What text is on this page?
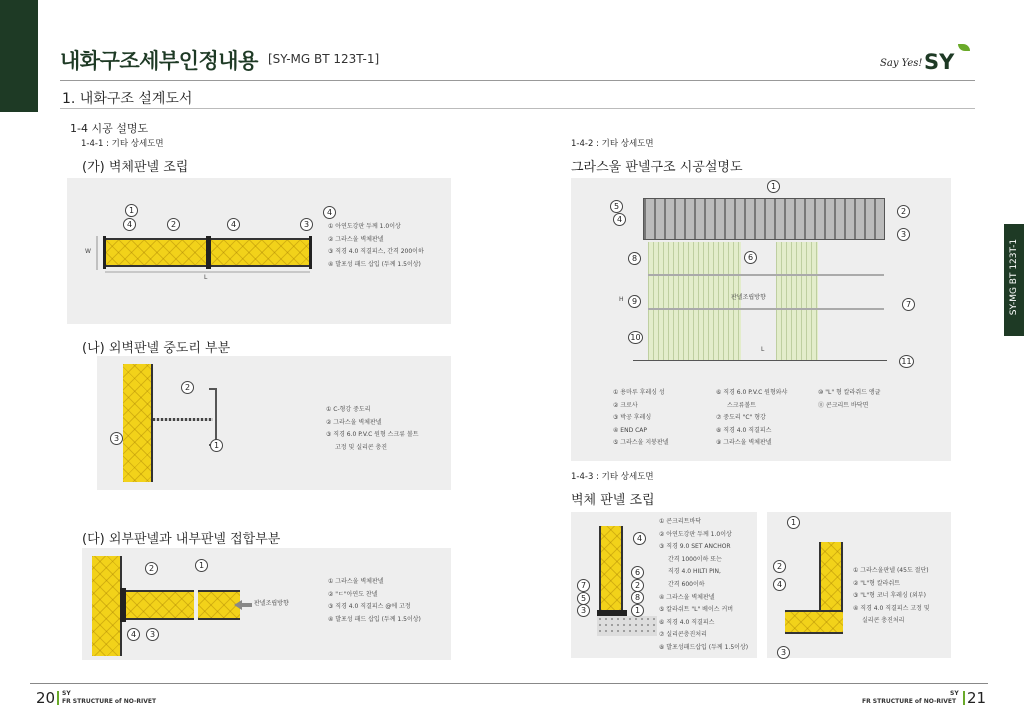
내화구조세부인정내용 [SY-MG BT 123T-1]	Say Yes! SY
1. 내화구조 설계도서
1-4 시공 설명도
1-4-1 : 기타 상세도면
(가) 벽체판넬 조립
W
L
1
4	2	4	3
4
① 아연도강판 두께 1.0이상
② 그라스울 벽체판넬
③ 직경 4.0 직결피스, 간격 200이하
④ 발포성 패드 삽입 (두께 1.5이상)
(나) 외벽판넬 중도리 부분
2
3
1
① C-형강 중도리
② 그라스울 벽체판넬
③ 직경 6.0 P.V.C 원형 스크류 볼트
고정 및 실리콘 충진
(다) 외부판넬과 내부판넬 접합부분
2	1
4	3
판넬조립방향
① 그라스울 벽체판넬
② "ㄷ"아연도 찬넬
③ 직경 4.0 직결피스 @에 고정
④ 발포성 패드 삽입 (두께 1.5이상)
1-4-2 : 기타 상세도면
그라스울 판넬구조 시공설명도
H
L
판넬조립방향
1
5
4
2
3
8	6
9	7
10
11
① 용마루 후레싱 성
② 크로사
③ 박공 후레싱
④ END CAP
⑤ 그라스울 지붕판넬
⑥ 직경 6.0 P.V.C 원형와샤
스크류볼트
⑦ 중도리 "C" 형강
⑧ 직경 4.0 직결피스
⑨ 그라스울 벽체판넬
⑩ "L" 형 칼라쥐드 앵글
⑪ 콘크리트 바닥면
1-4-3 : 기타 상세도면
벽체 판넬 조립
4
6
7	2
8
5
3	1
① 콘크리트바닥
② 아연도강판 두께 1.0이상
③ 직경 9.0 SET ANCHOR
간격 1000이하 또는
직경 4.0 HILTI PIN,
간격 600이하
④ 그라스울 벽체판넬
⑤ 칼라쉬트 "L" 베이스 커버
⑥ 직경 4.0 직결피스
⑦ 실리콘충진처리
⑧ 발포성패드삽입 (두께 1.5이상)
1
2
4
3
① 그라스울판넬 (45도 절단)
② "L"형 칼라쉬트
③ "L"형 코너 후레싱 (외부)
④ 직경 4.0 직결피스 고정 및
실리콘 충진처리
SY-MG BT 123T-1
20 SY
FR STRUCTURE of NO-RIVET
SY
FR STRUCTURE of NO-RIVET 21
